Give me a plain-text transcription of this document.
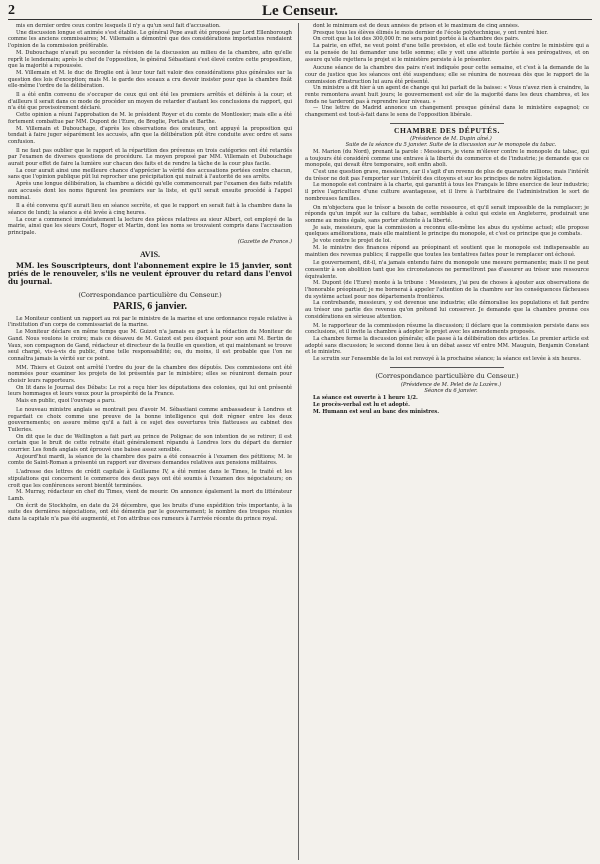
2	Le Censeur.

mis en dernier ordre ceux contre lesquels il n'y a qu'un seul fait d'accusation.

Une discussion longue et animée s'est établie. Le général Pepe avait été proposé par Lord Ellenborough comme les anciens commissaires; M. Villemain a démontré que des considérations importantes rendaient l'opinion de la commission préférable.

M. Dubouchage n'avait pu seconder la révision de la discussion au milieu de la chambre, afin qu'elle reprît le lendemain; après le chef de l'opposition, le général Sébastiani s'est élevé contre cette proposition, que la majorité a repoussée.

M. Villemain et M. le duc de Broglie ont à leur tour fait valoir des considérations plus générales sur la question des lois d'exception; mais M. le garde des sceaux a cru devoir insister pour que la chambre fixât elle-même l'ordre de la délibération.

Il a été enfin convenu de s'occuper de ceux qui ont été les premiers arrêtés et déférés à la cour; et d'ailleurs il serait dans ce mode de procéder un moyen de retarder d'autant les conclusions du rapport, qui n'a été que provisoirement déclaré.

Cette opinion a réuni l'approbation de M. le président Royer et du comte de Montlosier; mais elle a été fortement combattue par MM. Dupont de l'Eure, de Broglie, Portalis et Barthe.

M. Villemain et Dubouchage, d'après les observations des orateurs, ont appuyé la proposition qui tendait à faire juger séparément les accusés, afin que la délibération pût être conduite avec ordre et sans confusion.

Il ne faut pas oublier que le rapport et la répartition des prévenus en trois catégories ont été retardés par l'examen de diverses questions de procédure. Le moyen proposé par MM. Villemain et Dubouchage aurait pour effet de faire la lumière sur chacun des faits et de rendre la tâche de la cour plus facile.

La cour aurait ainsi une meilleure chance d'apprécier la vérité des accusations portées contre chacun, sans que l'opinion publique pût lui reprocher une précipitation qui nuirait à l'autorité de ses arrêts.

Après une longue délibération, la chambre a décidé qu'elle commencerait par l'examen des faits relatifs aux accusés dont les noms figurent les premiers sur la liste, et qu'il serait ensuite procédé à l'appel nominal.

Il a été convenu qu'il aurait lieu en séance secrète, et que le rapport en serait fait à la chambre dans la séance de lundi; la séance a été levée à cinq heures.

La cour a commencé immédiatement la lecture des pièces relatives au sieur Albert, cet employé de la mairie, ainsi que les sieurs Court, Roger et Martin, dont les noms se trouvaient compris dans l'accusation principale.

(Gazette de France.)

AVIS.

MM. les Souscripteurs, dont l'abonnement expire le 15 janvier, sont priés de le renouveler, s'ils ne veulent éprouver du retard dans l'envoi du journal.

(Correspondance particulière du Censeur.)
PARIS, 6 janvier.

Le Moniteur contient un rapport au roi par le ministre de la marine et une ordonnance royale relative à l'institution d'un corps de commissariat de la marine.

Le Moniteur déclare en même temps que M. Guizot n'a jamais eu part à la rédaction du Moniteur de Gand. Nous voulons le croire; mais ce désaveu de M. Guizot est peu éloquent pour son ami M. Bertin de Vaux, son compagnon de Gand, rédacteur et directeur de la feuille en question, et qui maintenant se trouve seul chargé, vis-à-vis du public, d'une telle responsabilité; ou, du moins, il est probable que l'on ne connaîtra jamais la vérité sur ce point.

MM. Thiers et Guizot ont arrêté l'ordre du jour de la chambre des députés. Des commissions ont été nommées pour examiner les projets de loi présentés par le ministère; elles se réuniront demain pour choisir leurs rapporteurs.

On lit dans le Journal des Débats: Le roi a reçu hier les députations des colonies, qui lui ont présenté leurs hommages et leurs vœux pour la prospérité de la France.

Mais en public, quoi l'ouvrage a paru.

Le nouveau ministre anglais se montrait peu d'avoir M. Sébastiani comme ambassadeur à Londres et regardait ce choix comme une preuve de la bonne intelligence qui doit régner entre les deux gouvernements; on assure même qu'il a fait à ce sujet des ouvertures très flatteuses au cabinet des Tuileries.

On dit que le duc de Wellington a fait part au prince de Polignac de son intention de se retirer; il est certain que le bruit de cette retraite était généralement répandu à Londres lors du départ du dernier courrier. Les fonds anglais ont éprouvé une baisse assez sensible.

Aujourd'hui mardi, la séance de la chambre des pairs a été consacrée à l'examen des pétitions; M. le comte de Saint-Roman a présenté un rapport sur diverses demandes relatives aux pensions militaires.

L'adresse des lettres de crédit capitale à Guillaume IV, a été remise dans le Times, le traité et les stipulations qui concernent le commerce des deux pays ont été soumis à l'examen des négociateurs; on croit que les conférences seront bientôt terminées.

M. Murray, rédacteur en chef du Times, vient de mourir. On annonce également la mort du littérateur Lamb.

On écrit de Stockholm, en date du 24 décembre, que les bruits d'une expédition très importante, à la suite des dernières négociations, ont été démentis par le gouvernement; le nombre des troupes réunies dans la capitale n'a pas été augmenté, et l'on attribue ces rumeurs à l'arrivée récente du prince royal.

dont le minimum est de deux années de prison et le maximum de cinq années.

Presque tous les élèves élimés le mois dernier de l'école polytechnique, y ont rentré hier.

On croit que la loi des 300,000 fr. ne sera point portée à la chambre des pairs.

La pairie, en effet, ne veut point d'une telle provision, et elle est toute fâchée contre le ministère qui a eu la pensée de lui demander une telle somme; elle y voit une atteinte portée à ses prérogatives, et on assure qu'elle rejettera le projet si le ministère persiste à le présenter.

Aucune séance de la chambre des pairs n'est indiquée pour cette semaine, et c'est à la demande de la cour de justice que les séances ont été suspendues; elle se réunira de nouveau dès que le rapport de la commission d'instruction lui aura été présenté.

Un ministre a dit hier à un agent de change qui lui parlait de la baisse: « Vous n'avez rien à craindre, la rente remontera avant huit jours; le gouvernement est sûr de la majorité dans les deux chambres, et les fonds ne tarderont pas à reprendre leur niveau. »

— Une lettre de Madrid annonce un changement presque général dans le ministère espagnol; ce changement est tout-à-fait dans le sens de l'opposition libérale.

CHAMBRE DES DÉPUTÉS.

(Présidence de M. Dupin aîné.)

Suite de la séance du 5 janvier. Suite de la discussion sur le monopole du tabac.

M. Marion (du Nord), prenant la parole : Messieurs, je viens m'élever contre le monopole du tabac, qui a toujours été considéré comme une entrave à la liberté du commerce et de l'industrie; je demande que ce monopole, qui devait être temporaire, soit enfin aboli.

C'est une question grave, messieurs, car il s'agit d'un revenu de plus de quarante millions; mais l'intérêt du trésor ne doit pas l'emporter sur l'intérêt des citoyens et sur les principes de notre législation.

Le monopole est contraire à la charte, qui garantit à tous les Français le libre exercice de leur industrie; il prive l'agriculture d'une culture avantageuse, et il livre à l'arbitraire de l'administration le sort de nombreuses familles.

On m'objectera que le trésor a besoin de cette ressource, et qu'il serait impossible de la remplacer; je réponds qu'un impôt sur la culture du tabac, semblable à celui qui existe en Angleterre, produirait une somme au moins égale, sans porter atteinte à la liberté.

Je sais, messieurs, que la commission a reconnu elle-même les abus du système actuel; elle propose quelques améliorations, mais elle maintient le principe du monopole, et c'est ce principe que je combats.

Je vote contre le projet de loi.

M. le ministre des finances répond au préopinant et soutient que le monopole est indispensable au maintien des revenus publics; il rappelle que toutes les tentatives faites pour le remplacer ont échoué.

Le gouvernement, dit-il, n'a jamais entendu faire du monopole une mesure permanente; mais il ne peut consentir à son abolition tant que les circonstances ne permettront pas d'assurer au trésor une ressource équivalente.

M. Dupont (de l'Eure) monte à la tribune : Messieurs, j'ai peu de choses à ajouter aux observations de l'honorable préopinant; je me bornerai à appeler l'attention de la chambre sur les conséquences fâcheuses du système actuel pour nos départements frontières.

La contrebande, messieurs, y est devenue une industrie; elle démoralise les populations et fait perdre au trésor une partie des revenus qu'on prétend lui conserver. Je demande que la chambre prenne ces considérations en sérieuse attention.

M. le rapporteur de la commission résume la discussion; il déclare que la commission persiste dans ses conclusions, et il invite la chambre à adopter le projet avec les amendements proposés.

La chambre ferme la discussion générale; elle passe à la délibération des articles. Le premier article est adopté sans discussion; le second donne lieu à un débat assez vif entre MM. Mauguin, Benjamin Constant et le ministre.

Le scrutin sur l'ensemble de la loi est renvoyé à la prochaine séance; la séance est levée à six heures.

(Correspondance particulière du Censeur.)

(Présidence de M. Pelet de la Lozère.)

Séance du 6 janvier.

La séance est ouverte à 1 heure 1/2.

Le procès-verbal est lu et adopté.

M. Humann est seul au banc des ministres.
